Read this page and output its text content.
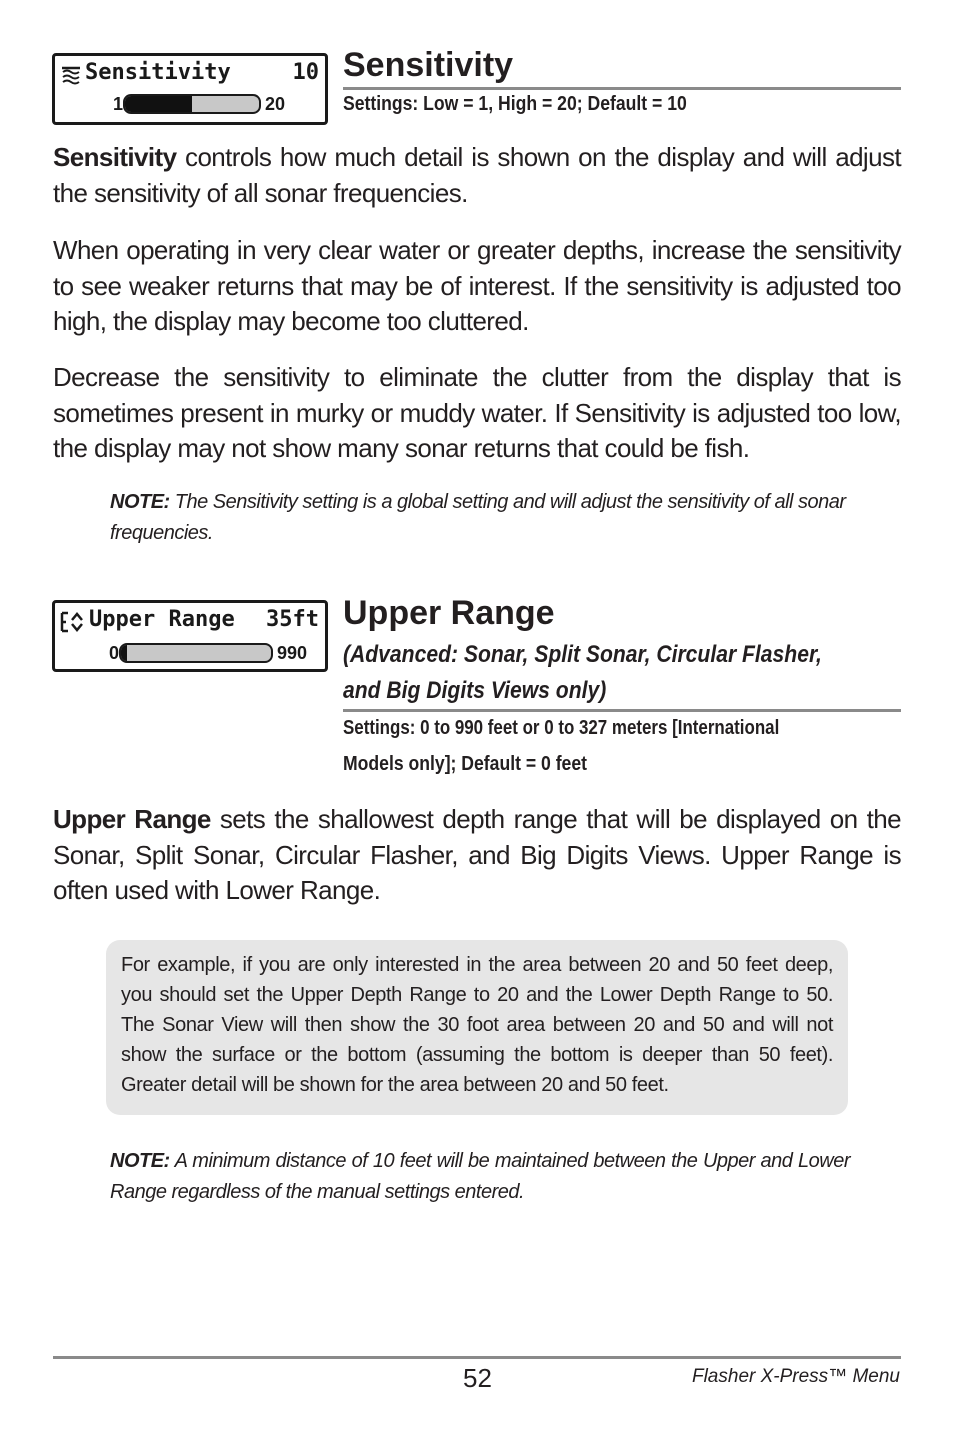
Sensitivity	10
1	20
Sensitivity
Settings: Low = 1, High = 20; Default = 10
Sensitivity controls how much detail is shown on the display and will adjust the sensitivity of all sonar frequencies.
When operating in very clear water or greater depths, increase the sensitivity to see weaker returns that may be of interest. If the sensitivity is adjusted too high, the display may become too cluttered.
Decrease the sensitivity to eliminate the clutter from the display that is sometimes present in murky or muddy water. If Sensitivity is adjusted too low, the display may not show many sonar returns that could be fish.
NOTE: The Sensitivity setting is a global setting and will adjust the sensitivity of all sonar frequencies.
Upper Range 35ft
0	990
Upper Range
(Advanced: Sonar, Split Sonar, Circular Flasher,
and Big Digits Views only)
Settings: 0 to 990 feet or 0 to 327 meters [International
Models only]; Default = 0 feet
Upper Range sets the shallowest depth range that will be displayed on the Sonar, Split Sonar, Circular Flasher, and Big Digits Views. Upper Range is often used with Lower Range.
For example, if you are only interested in the area between 20 and 50 feet deep, you should set the Upper Depth Range to 20 and the Lower Depth Range to 50. The Sonar View will then show the 30 foot area between 20 and 50 and will not show the surface or the bottom (assuming the bottom is deeper than 50 feet). Greater detail will be shown for the area between 20 and 50 feet.
NOTE: A minimum distance of 10 feet will be maintained between the Upper and Lower Range regardless of the manual settings entered.
52	Flasher X-Press™ Menu
